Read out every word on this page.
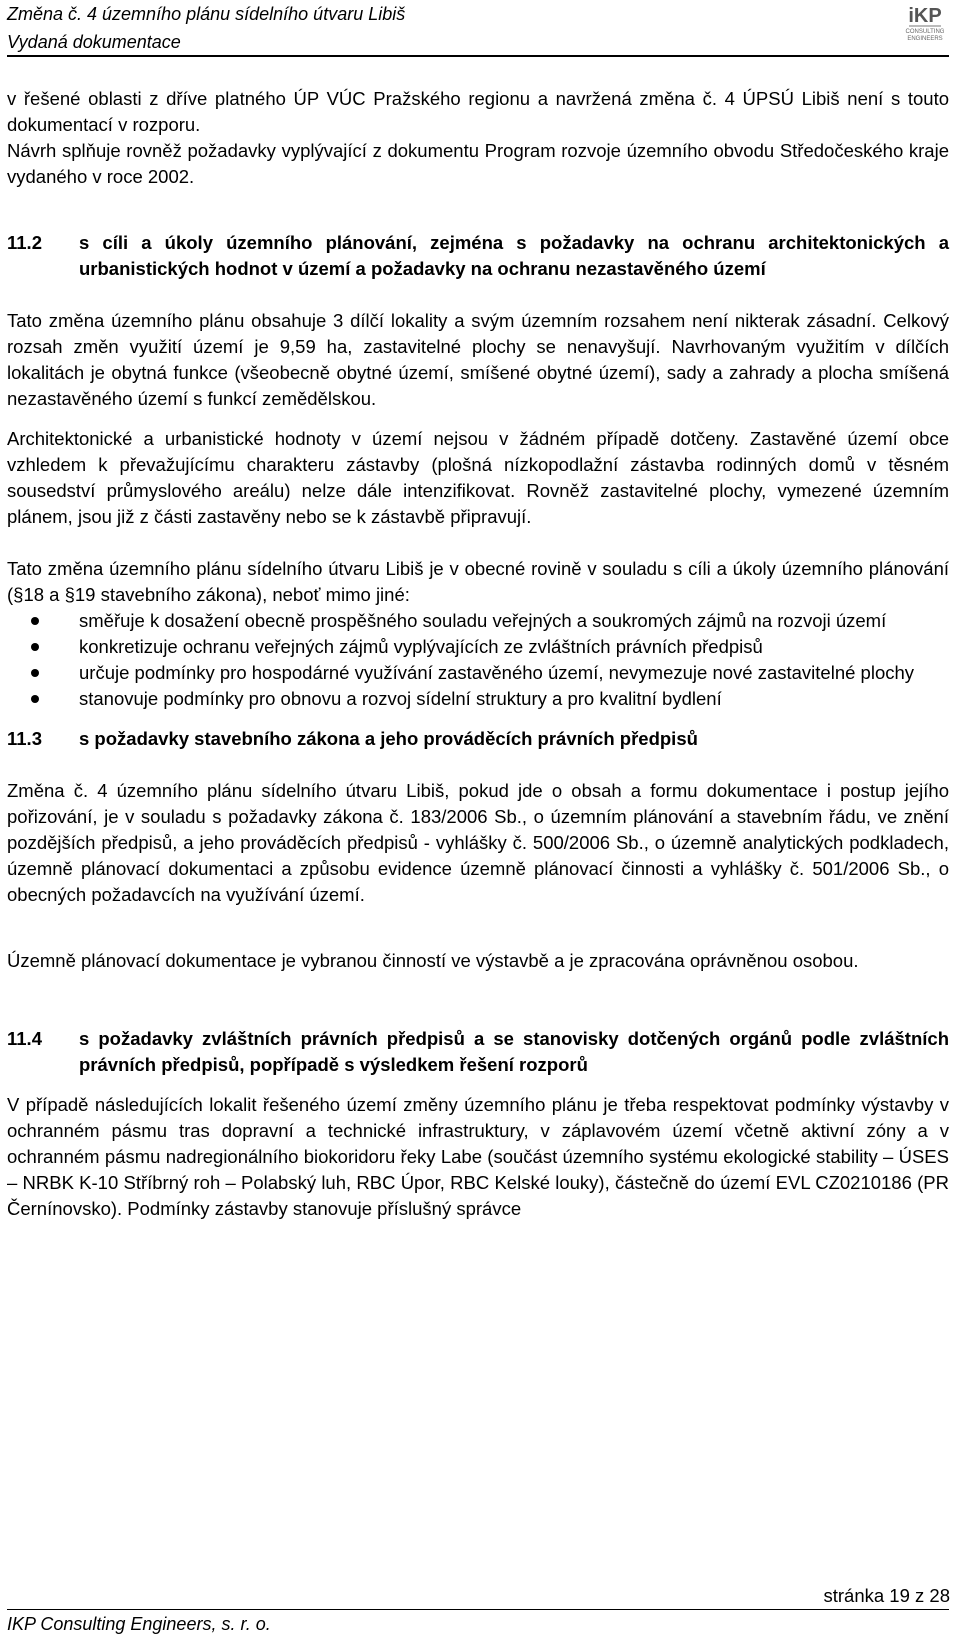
Změna č. 4 územního plánu sídelního útvaru Libiš
Vydaná dokumentace
iKP
CONSULTING
ENGINEERS

v řešené oblasti z dříve platného ÚP VÚC Pražského regionu a navržená změna č. 4 ÚPSÚ Libiš není s touto dokumentací v rozporu.

Návrh splňuje rovněž požadavky vyplývající z dokumentu Program rozvoje územního obvodu Středočeského kraje vydaného v roce 2002.

11.2	s cíli a úkoly územního plánování, zejména s požadavky na ochranu architektonických a urbanistických hodnot v území a požadavky na ochranu nezastavěného území

Tato změna územního plánu obsahuje 3 dílčí lokality a svým územním rozsahem není nikterak zásadní. Celkový rozsah změn využití území je 9,59 ha, zastavitelné plochy se nenavyšují. Navrhovaným využitím v dílčích lokalitách je obytná funkce (všeobecně obytné území, smíšené obytné území), sady a zahrady a plocha smíšená nezastavěného území s funkcí zemědělskou.

Architektonické a urbanistické hodnoty v území nejsou v žádném případě dotčeny. Zastavěné území obce vzhledem k převažujícímu charakteru zástavby (plošná nízkopodlažní zástavba rodinných domů v těsném sousedství průmyslového areálu) nelze dále intenzifikovat. Rovněž zastavitelné plochy, vymezené územním plánem, jsou již z části zastavěny nebo se k zástavbě připravují.

Tato změna územního plánu sídelního útvaru Libiš je v obecné rovině v souladu s cíli a úkoly územního plánování (§18 a §19 stavebního zákona), neboť mimo jiné:

směřuje k dosažení obecně prospěšného souladu veřejných a soukromých zájmů na rozvoji území
konkretizuje ochranu veřejných zájmů vyplývajících ze zvláštních právních předpisů
určuje podmínky pro hospodárné využívání zastavěného území, nevymezuje nové zastavitelné plochy
stanovuje podmínky pro obnovu a rozvoj sídelní struktury a pro kvalitní bydlení
11.3	s požadavky stavebního zákona a jeho prováděcích právních předpisů

Změna č. 4 územního plánu sídelního útvaru Libiš, pokud jde o obsah a formu dokumentace i postup jejího pořizování, je v souladu s požadavky zákona č. 183/2006 Sb., o územním plánování a stavebním řádu, ve znění pozdějších předpisů, a jeho prováděcích předpisů - vyhlášky č. 500/2006 Sb., o územně analytických podkladech, územně plánovací dokumentaci a způsobu evidence územně plánovací činnosti a vyhlášky č. 501/2006 Sb., o obecných požadavcích na využívání území.

Územně plánovací dokumentace je vybranou činností ve výstavbě a je zpracována oprávněnou osobou.

11.4	s požadavky zvláštních právních předpisů a se stanovisky dotčených orgánů podle zvláštních právních předpisů, popřípadě s výsledkem řešení rozporů

V případě následujících lokalit řešeného území změny územního plánu je třeba respektovat podmínky výstavby v ochranném pásmu tras dopravní a technické infrastruktury, v záplavovém území včetně aktivní zóny a v ochranném pásmu nadregionálního biokoridoru řeky Labe (součást územního systému ekologické stability – ÚSES – NRBK K-10 Stříbrný roh – Polabský luh, RBC Úpor, RBC Kelské louky), částečně do území EVL CZ0210186 (PR Černínovsko). Podmínky zástavby stanovuje příslušný správce

stránka 19 z 28
IKP Consulting Engineers, s. r. o.
